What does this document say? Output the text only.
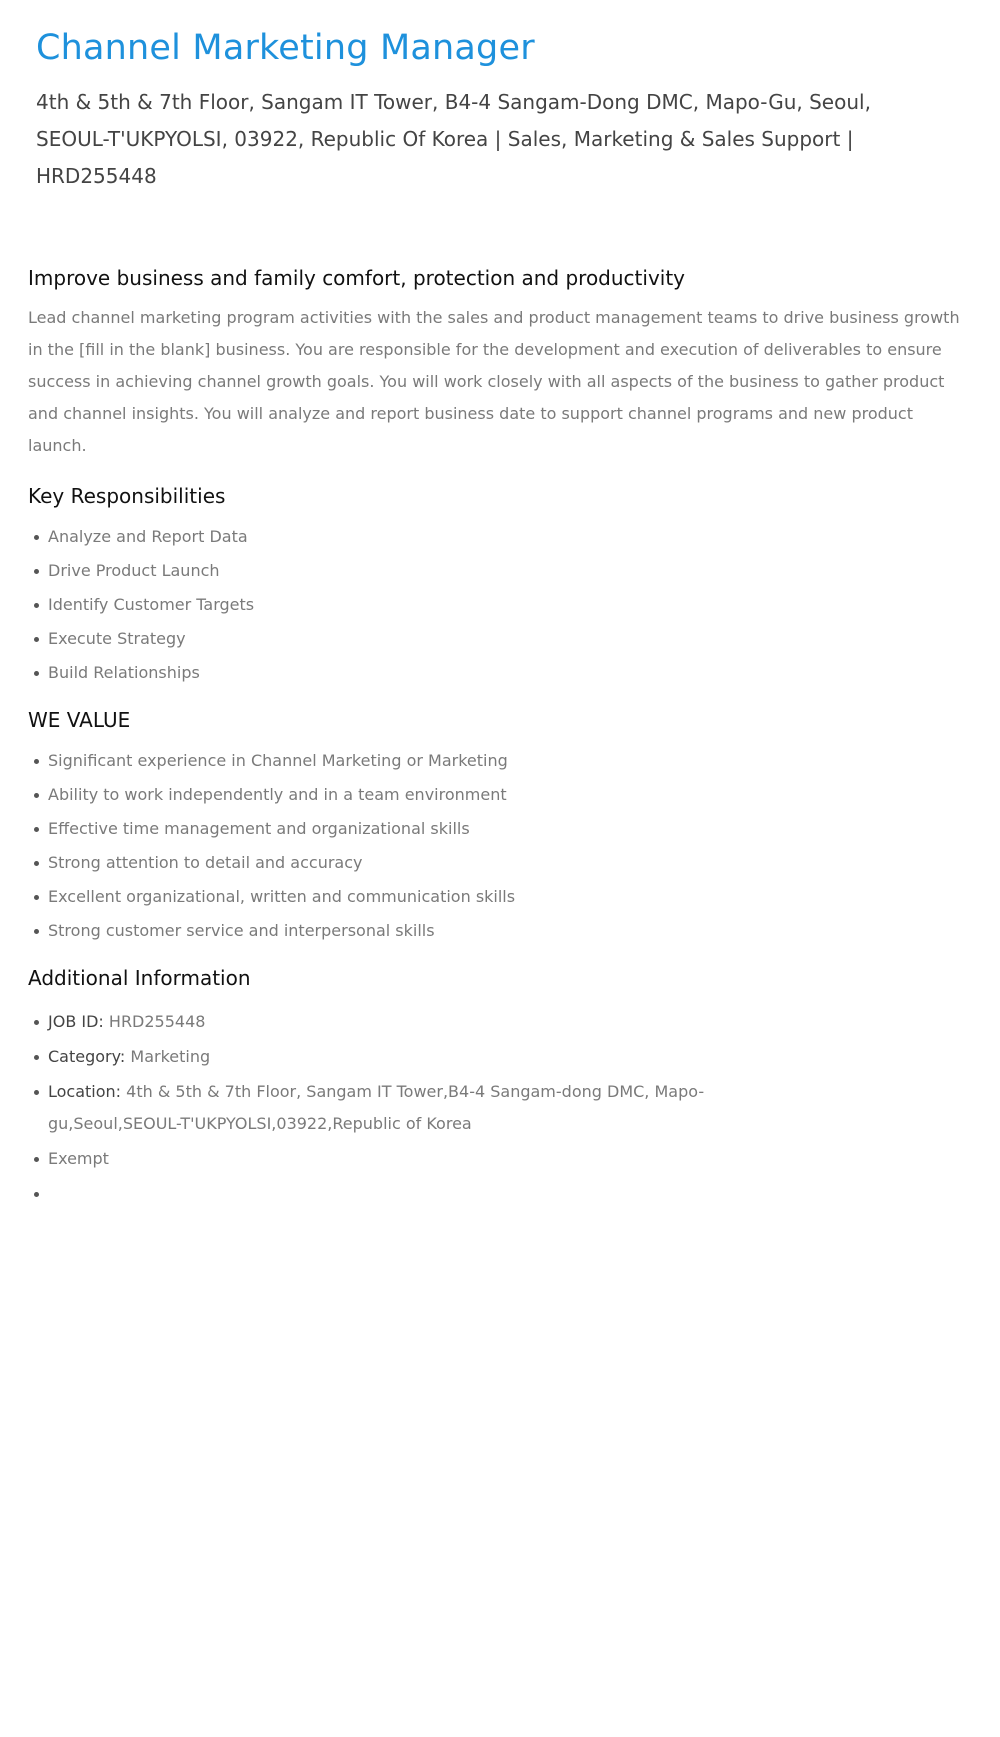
Channel Marketing Manager

4th & 5th & 7th Floor, Sangam IT Tower, B4-4 Sangam-Dong DMC, Mapo-Gu, Seoul, SEOUL-T'UKPYOLSI, 03922, Republic Of Korea | Sales, Marketing & Sales Support | HRD255448

Improve business and family comfort, protection and productivity

Lead channel marketing program activities with the sales and product management teams to drive business growth in the [fill in the blank] business. You are responsible for the development and execution of deliverables to ensure success in achieving channel growth goals. You will work closely with all aspects of the business to gather product and channel insights. You will analyze and report business date to support channel programs and new product launch.

Key Responsibilities
Analyze and Report Data
Drive Product Launch
Identify Customer Targets
Execute Strategy
Build Relationships
WE VALUE
Significant experience in Channel Marketing or Marketing
Ability to work independently and in a team environment
Effective time management and organizational skills
Strong attention to detail and accuracy
Excellent organizational, written and communication skills
Strong customer service and interpersonal skills
Additional Information
JOB ID: HRD255448
Category: Marketing
Location: 4th & 5th & 7th Floor, Sangam IT Tower,B4-4 Sangam-dong DMC, Mapo-gu,Seoul,SEOUL-T'UKPYOLSI,03922,Republic of Korea
Exempt
